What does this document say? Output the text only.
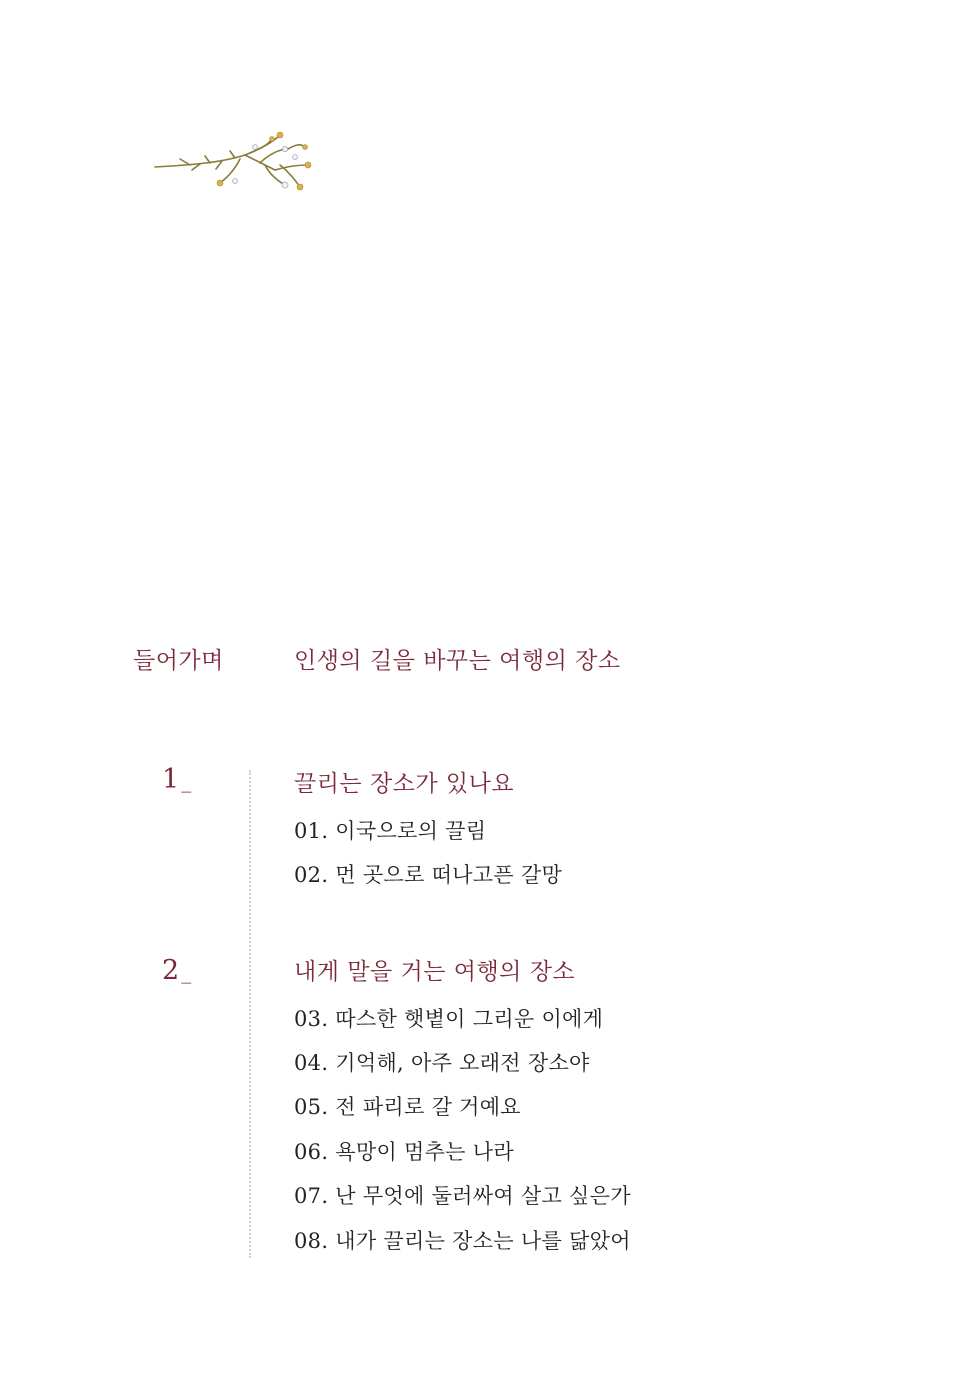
들어가며	인생의 길을 바꾸는 여행의 장소
1 _	끌리는 장소가 있나요
01. 이국으로의 끌림
02. 먼 곳으로 떠나고픈 갈망
2 _	내게 말을 거는 여행의 장소
03. 따스한 햇볕이 그리운 이에게
04. 기억해, 아주 오래전 장소야
05. 전 파리로 갈 거예요
06. 욕망이 멈추는 나라
07. 난 무엇에 둘러싸여 살고 싶은가
08. 내가 끌리는 장소는 나를 닮았어
